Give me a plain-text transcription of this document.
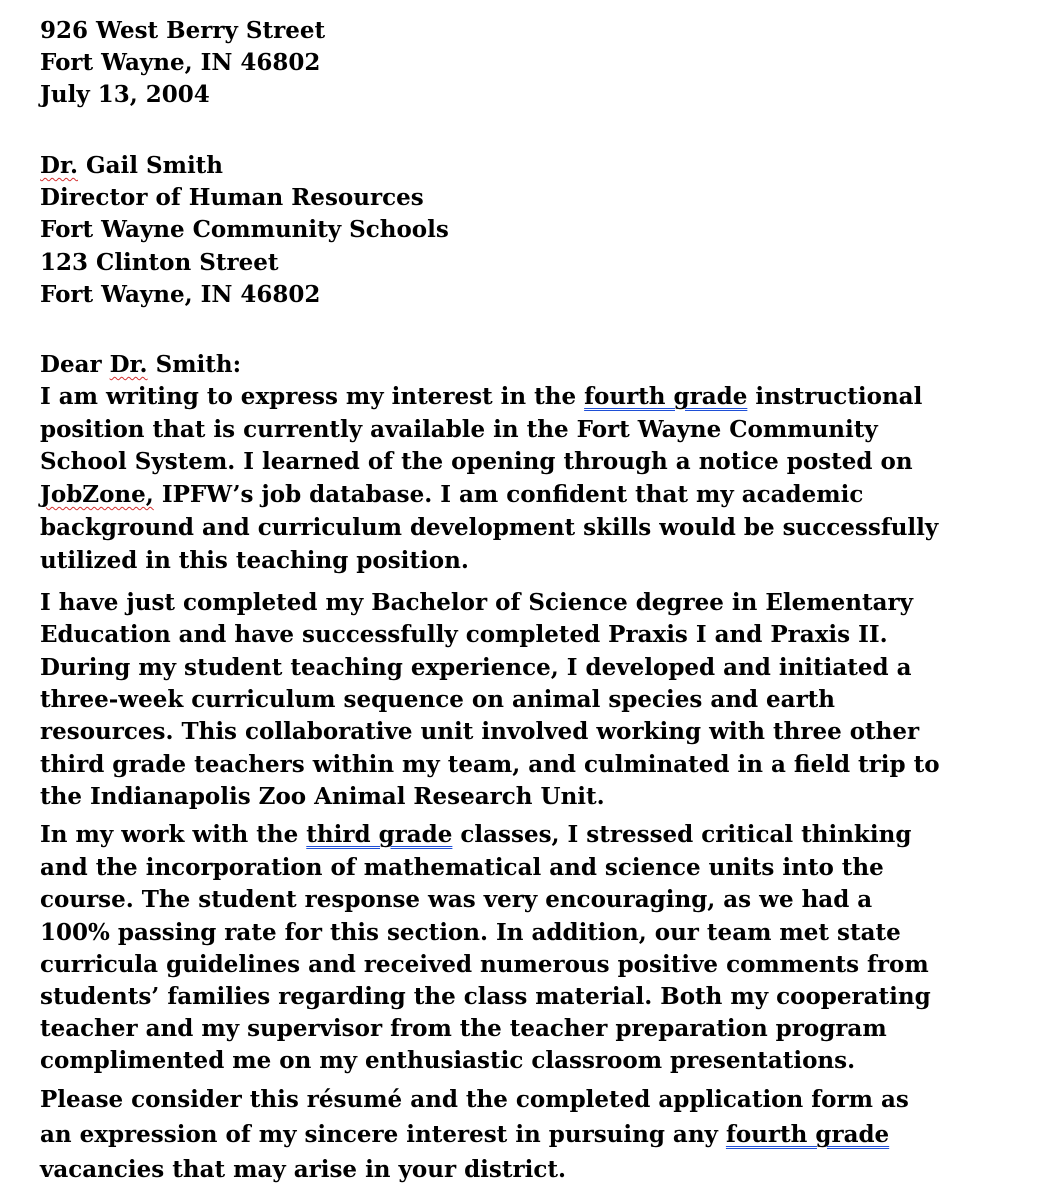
926 West Berry Street
Fort Wayne, IN 46802
July 13, 2004
Dr. Gail Smith
Director of Human Resources
Fort Wayne Community Schools
123 Clinton Street
Fort Wayne, IN 46802
Dear Dr. Smith:
I am writing to express my interest in the fourth grade instructional
position that is currently available in the Fort Wayne Community
School System. I learned of the opening through a notice posted on
JobZone, IPFW’s job database. I am confident that my academic
background and curriculum development skills would be successfully
utilized in this teaching position.
I have just completed my Bachelor of Science degree in Elementary
Education and have successfully completed Praxis I and Praxis II.
During my student teaching experience, I developed and initiated a
three-week curriculum sequence on animal species and earth
resources. This collaborative unit involved working with three other
third grade teachers within my team, and culminated in a field trip to
the Indianapolis Zoo Animal Research Unit.
In my work with the third grade classes, I stressed critical thinking
and the incorporation of mathematical and science units into the
course. The student response was very encouraging, as we had a
100% passing rate for this section. In addition, our team met state
curricula guidelines and received numerous positive comments from
students’ families regarding the class material. Both my cooperating
teacher and my supervisor from the teacher preparation program
complimented me on my enthusiastic classroom presentations.
Please consider this résumé and the completed application form as
an expression of my sincere interest in pursuing any fourth grade
vacancies that may arise in your district.
